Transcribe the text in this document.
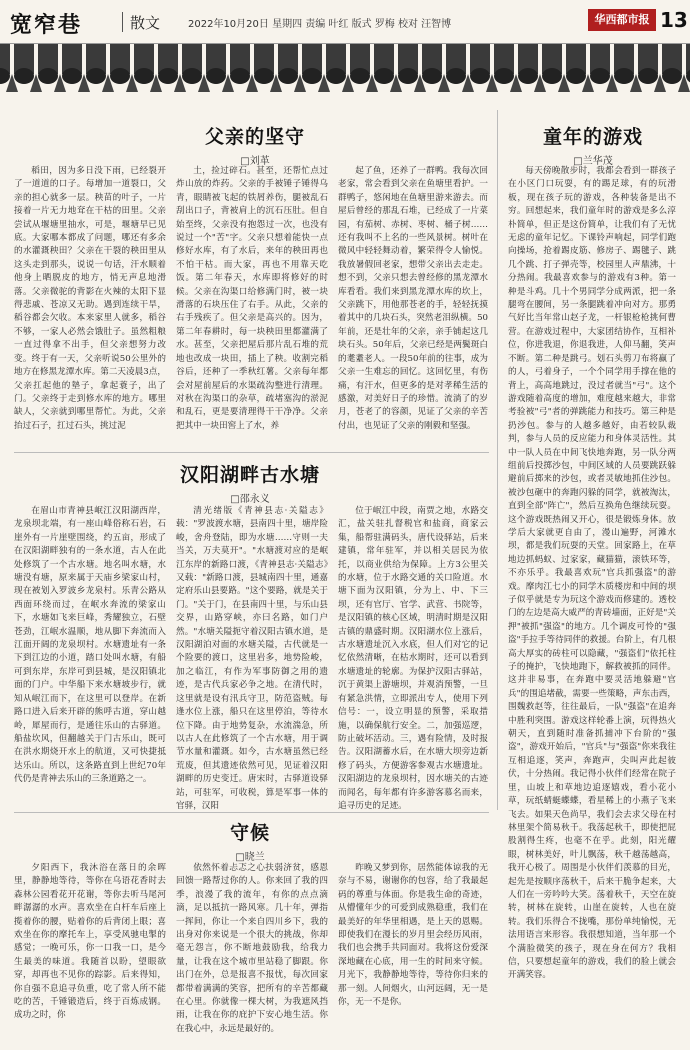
宽窄巷	散文	2022年10月20日 星期四 责编 叶红 版式 罗梅 校对 汪智博	华西都市报 13
父亲的坚守
□刘革

稻田，因为多日没下雨，已经裂开了一道道的口子。每增加一道裂口，父亲的担心就多一层。秧苗的叶子，一片接着一片无力地耷在干枯的田里。父亲尝试从堰塘里抽水，可是，堰塘早已见底。大家哪本都成了问题，哪还有多余的水灌溉秧田？父亲在干裂的秧田里从这头走到那头，说说一句话，汗水顺着他身上晒脱皮的地方，悄无声息地滑落。父亲微驼的背影在火辣的太阳下显得悲戚、苍凉又无助。遇到连续干旱，稻谷都会欠收。本来家里人就多，稻谷不够，一家人必然会饿肚子。虽然粗粮一直过得拿不出手，但父亲想努力改变。终于有一天，父亲听说50公里外的地方在修黑龙潭水库。第二天凌晨3点，父亲扛起他的墊子，拿起蓑子，出了门。父亲终于走到修水库的地方。哪里缺人，父亲就到哪里帮忙。为此，父亲抬过石子，扛过石头，挑过泥

土，捡过碎石。甚至，还帮忙点过炸山放的炸药。父亲的手被锤子锤得乌青，眼睛被飞起的铁屑养伤，腿被乱石刮出口子，背被肩上的沉石压肚。但自始至终，父亲没有抱怨过一次，也没有说过一个"苦"字。父亲只想着能快一点修好水库，有了水后，来年的秧田再也不怕干枯。而大家，再也不用靠天吃饭。第二年春天，水库即将修好的时候。父亲在沟渠口给修满门时，被一块滑落的石块压住了右手。从此，父亲的右手残疾了。但父亲是高兴的。因为，第二年春耕时，每一块秧田里都灌满了水。甚至，父亲把屋后那片乱石堆的荒地也改成一块田，插上了秧。收割完稻谷后，还种了一季秋红薯。父亲每年都会对屋前屋后的水渠疏沟整进行清理。对秋在沟渠口的杂草，疏堵塞沟的淤泥和乱石，更是要清理得干干净净。父亲把其中一块田窖上了水，养

起了鱼，还养了一群鸭。我每次回老家，常会看到父亲在鱼塘里看护。一群鸭子，悠闲地在鱼塘里游来游去。而屋后曾经的那乱石堆，已经成了一片菜园，有茄树、赤树、枣树、桶子树……还有我叫不上名的一些风景树。树叶在微风中轻轻舞动着，繁荣得令人愉悦。我放暑假回老家，想带父亲出去走走。想不到，父亲只想去曾经修的黑龙潭水库看看。我们来到黑龙潭水库的坎上，父亲跳下，用他那苍老的手，轻轻抚摸着其中的几块石头，突然老泪纵横。50年前，还是壮年的父亲，亲手铺起这几块石头。50年后，父亲已经是两鬓斑白的耄耋老人。一段50年前的往事，成为父亲一生难忘的回忆。这回忆里，有伤痛，有汗水，但更多的是对孝稀生活的感激，对美好日子的珍惜。流淌了的岁月，苍老了的容颜，见证了父亲的辛苦付出，也见证了父亲的刚毅和坚强。

童年的游戏
□兰华茂

每天傍晚散步时，我都会看到一群孩子在小区门口玩耍，有的踢足球，有的玩滑板，现在孩子玩的游戏，各种装备是出不穷。回想起来，我们童年时的游戏是多么淳朴简单，但正是这份简单，让我们有了无忧无虑的童年记忆。下课铃声响起，同学们跑向操场，抢着踢皮筋、修房子、踢毽子、跳几个跳、打子弹壳等，校园里人声鼎沸，十分热闹。我最喜欢参与的游戏有3种。第一种是斗鸡。几十个男同学分成两派，把一条腿弯在腰间，另一条腿跳着冲向对方。那勇气好比当年常山赵子龙，一杆银枪枪挑何曹营。在游戏过程中，大家团结协作，互相补位，你进我退，你退我进，人仰马翻，笑声不断。第二种是跳弓。划石头剪刀布将赢了的人，弓着身子，一个个同学用手撑在他的背上，高高地跳过，没过者就当"弓"。这个游戏随着高度的增加，难度越来越大，非常考验被"弓"者的弹跳能力和技巧。第三种是扔沙包。参与的人越多越好，由若较队裁判，参与人员的反应能力和身体灵活性。其中一队人员在中间飞快地奔跑，另一队分两组前后投掷沙包，中间区域的人员要跳跃躲避前后掷来的沙包，或者灵敏地抓住沙包。被沙包砸中的奔跑闪躲的同学，就被淘汰，直到全部"阵亡"，然后互换角色继续玩耍。这个游戏既热闹又开心，很是锻炼身体。放学后大家就更自由了，漫山遍野，河滩水坝，都是我们玩耍的天堂。回家路上，在草地边抓蚂蚁、过家家，藏猫猫，滚铁环等，不亦乐乎。我最喜欢玩"官兵抓强盗"的游戏。摩肉江七小的同学木质楼房和中间的坝子似乎就是专为玩这个游戏而修建的。透校门的左边是高大威严的青砖墙面，正好是"关押"被抓"强盗"的地方。几个调皮可怜的"强盗"手拉手等待同伴的救援。台阶上，有几根高大厚实的砖柱可以隐藏，"强盗们"依托柱子的掩护，飞快地跑下，解救被抓的同伴。这并非易事，在奔跑中要灵活地躲避"官兵"的围追堵截，需要一些策略，声东击西，围魏救赵等，往往最后，一队"强盗"在追奔中胜利突围。游戏这样轮番上演，玩得热火朝天，直到随时准备抓捕冲下台阶的"强盗"，游戏开始后，"官兵"与"强盗"你来我往互相追逐，笑声，奔跑声，尖叫声此起彼伏，十分热闹。我记得小伙伴们经常在院子里，山坡上和草地边追逐嬉戏，看小花小草，玩纸蜻蜓蝶蝶，看星稀上的小燕子飞来飞去。如果天色尚早，我们会去求父母在村林里架个简易秋千。我荡起秋千，即使把屁股割得生疼，也毫不在乎。此刻，阳光耀眼，树林美好，叶儿飘荡，秋千越荡越高，我开心极了。周围是小伙伴们羡慕的目光，起先是按顺序荡秋千，后来干脆争起来，大人们在一旁吟吟大笑。荡着秋千，天空在旋转，树林在旋转，山崖在旋转，人也在旋转。我们乐得合不拢嘴，那份单纯愉悦，无法用语言来形容。我很想知道，当年那一个个满脸微笑的孩子，现在身在何方？我相信，只要想起童年的游戏，我们的脸上就会开满笑容。

汉阳湖畔古水塘
□邵永义

在眉山市青神县岷江汉阳湖西岸，龙泉坝北端，有一座山峰俗称石岩，石崖外有一片崖壁围绕，约五亩，形成了在汉阳湖畔独有的一条水道，古人在此处修筑了一个古水塘。地名叫水塘，水塘没有塘，原来属于天庙乡梁家山村，现在被划入罗波乡龙泉村。乐青公路从西面环绕而过，在岷水奔流的梁家山下，水塘如飞来巨峰，秀耀独立，石壁苍劲，江岷水温顺，地从脚下奔流而入江面开阔的龙泉坝村。水塘遗址有一条下到江边的小道，踏口处叫水塘，有船可到东岸，东岸可到县城，是汉阳镇北面的门户。中华船下来水塘坡步行，就知从岷江而下，在这里可以登岸。在新路口进入后来开辟的熊呼古道，穿山越岭，犀屋而行，是通往乐山的古驿道。船盐坎风，但翻越关于门古乐山，既可在洪水期烧开水上的航道，又可快捷抵达乐山。所以，这条路直到上世纪70年代仍是青神去乐山的三条道路之一。

清光绪版《青神县志·关隘志》载："罗波渡水塘，县南四十里，塘岸险峻，舍舟登陆，即为水塘……守则一夫当关，万夫莫开"。"水塘渡对应的是岷江东岸的新路口渡，《青神县志·关隘志》又载："新路口渡，县城南四十里，通嘉定府乐山县要路。"这个要路，就是关于门。"关于门，在县南四十里，与乐山县交界，山路穿峡，亦曰名路，如门户然。"水塘关隘扼守着汉阳古镇水道，是汉阳湖泊对面的水塘关隘，古代就是一个险要的渡口，这里岩多，地势险峻，加之临江，有作为军事防御之用的遗迹，是古代兵家必争之地。在清代时，这里就是设有汛兵守卫，防范盗贼。每逢水位上涨，船只在这里停泊，等待水位下降。由于地势复杂，水流湍急，所以古人在此修筑了一个古水塘，用于调节水量和灌溉。如今，古水塘虽然已经荒废，但其遗迹依然可见，见证着汉阳湖畔的历史变迁。唐宋时，古驿道设驿站，可驻军，可收税，算是军事一体的官驿，汉阳

位于岷江中段，南贾之地，水路交汇，盐关驻扎督税官和盐商，商家云集，船帮驻满码头，唐代设驿站，后来建镇，常年驻军，并以相关居民为依托，以商业供给为保障。上方3公里关的水塘，位于水路交通的关口险道。水塘下面为汉阳镇，分为上、中、下三坝，还有官厅、官学、武营、书院等，是汉阳镇的核心区域，明清时期是汉阳古镇的鼎盛时期。汉阳湖水位上涨后，古水塘遗址沉入水底，但人们对它的记忆依然清晰，在枯水期时，还可以看到水塘遗址的轮廓。为保护汉阳古驿站，沉于黄渠上游塘坝，并观消预警，一旦有紧急洪情，立即派出专人，使用下列信号：一，设立明显的预警，采取措施，以确保航行安全。二，加强巡逻，防止破坏活动。三，遇有险情，及时报告。汉阳湖蓄水后，在水塘大坝旁边新修了码头，方便游客参观古水塘遗址。汉阳湖边的龙泉坝村，因水塘关的古迹而闻名，每年都有许多游客慕名而来，追寻历史的足迹。

守候
□晓兰

夕阳西下，我沐浴在落日的余晖里，静静地等待，等你在乌语花香时去森林公园看花开花谢，等你去听马尾河畔潺潺的水声。喜欢坐在白杆车后座上揽着你的腰，贴着你的后背闭上眼；喜欢坐在你的摩托车上，享受风驰电掣的感觉；一晚可乐，你一口我一口，是今生最美的味道。我随首以盼，望眼欲穿，却再也不见你的踪影。后来得知，你自强不息追寻负重，吃了常人所不能吃的苦，千锤锻造后，终于百炼成钢。成功之时，你

依然怀着忐忑之心扶弱济贫，感恩回馈一路帮过你的人。你来回了我的四季，浪漫了我的流年，有你的点点滴滴，足以抵抗一路风寒。几十年，弹指一挥间，你让一个来自四川乡下，我的出身对你来说是一个很大的挑战，你却毫无怨言，你不断地鼓励我，给我力量，让我在这个城市里站稳了脚跟。你出门在外，总是报喜不报忧，每次回家都带着满满的笑容，把所有的辛苦都藏在心里。你就像一棵大树，为我遮风挡雨，让我在你的庇护下安心地生活。你在我心中，永远是最好的。

昨晚又梦到你，居然能体谅我的无奈与不易，谢谢你的包容，给了我最起码的尊重与体面。你是我生命的奇迹，从懵懂年少的可爱到成熟稳重，我们在最美好的年华里相遇，是上天的恩赐。即使我们在漫长的岁月里会经历风雨，我们也会携手共同面对。我将这份爱深深地藏在心底，用一生的时间来守候。月光下，我静静地等待，等待你归来的那一刻。人间烟火，山河远阔，无一是你，无一不是你。
